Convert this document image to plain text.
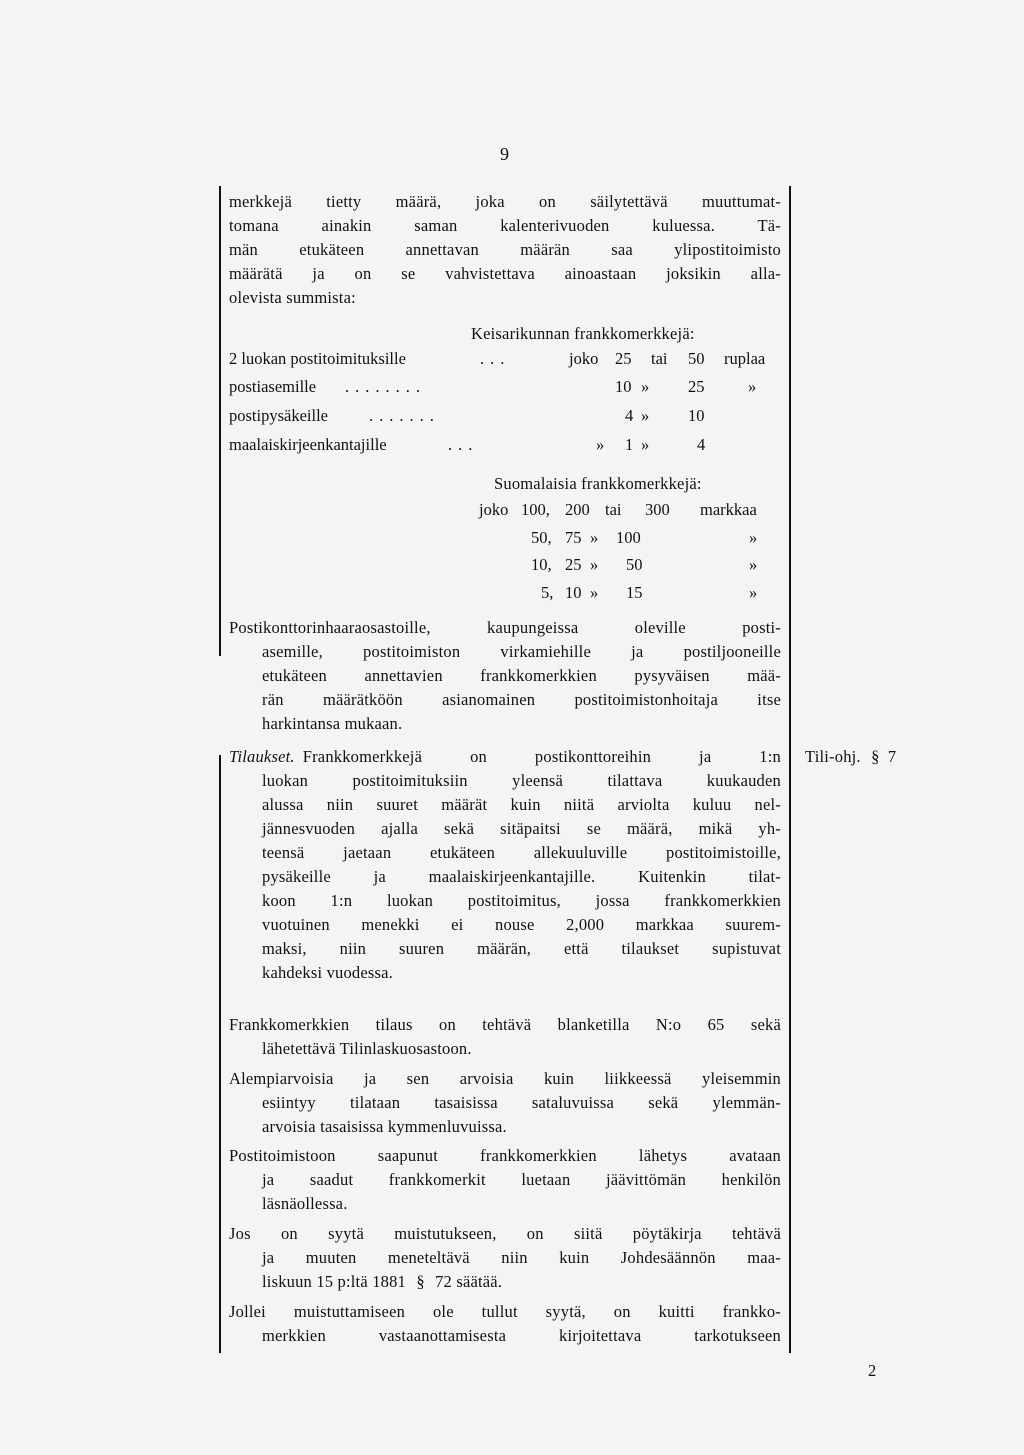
9
merkkejä tietty määrä, joka on säilytettävä muuttumat-
tomana ainakin saman kalenterivuoden kuluessa. Tä-
män etukäteen annettavan määrän saa ylipostitoimisto
määrätä ja on se vahvistettava ainoastaan joksikin alla-
olevista summista:
Keisarikunnan frankkomerkkejä:
2 luokan postitoimituksille	...	joko 25 tai 50 ruplaa
postiasemille ........	10 » 25	»
postipysäkeille .......	4 » 10
maalaiskirjeenkantajille	...	» 1 »	4
Suomalaisia frankkomerkkejä:
joko 100, 200 tai 300 markkaa
50, 75 » 100	»
10, 25 » 50	»
5, 10 » 15	»
Postikonttorinhaaraosastoille, kaupungeissa oleville posti-
asemille, postitoimiston virkamiehille ja postiljooneille
etukäteen annettavien frankkomerkkien pysyväisen mää-
rän määrätköön asianomainen postitoimistonhoitaja itse
harkintansa mukaan.
Tilaukset. Frankkomerkkejä on postikonttoreihin ja 1:n
luokan postitoimituksiin yleensä tilattava kuukauden
alussa niin suuret määrät kuin niitä arviolta kuluu nel-
jännesvuoden ajalla sekä sitäpaitsi se määrä, mikä yh-
teensä jaetaan etukäteen allekuuluville postitoimistoille,
pysäkeille ja maalaiskirjeenkantajille. Kuitenkin tilat-
koon 1:n luokan postitoimitus, jossa frankkomerkkien
vuotuinen menekki ei nouse 2,000 markkaa suurem-
maksi, niin suuren määrän, että tilaukset supistuvat
kahdeksi vuodessa.
Tili-ohj. § 7
Frankkomerkkien tilaus on tehtävä blanketilla N:o 65 sekä
lähetettävä Tilinlaskuosastoon.
Alempiarvoisia ja sen arvoisia kuin liikkeessä yleisemmin
esiintyy tilataan tasaisissa sataluvuissa sekä ylemmän-
arvoisia tasaisissa kymmenluvuissa.
Postitoimistoon saapunut frankkomerkkien lähetys avataan
ja saadut frankkomerkit luetaan jäävittömän henkilön
läsnäollessa.
Jos on syytä muistutukseen, on siitä pöytäkirja tehtävä
ja muuten meneteltävä niin kuin Johdesäännön maa-
liskuun 15 p:ltä 1881 § 72 säätää.
Jollei muistuttamiseen ole tullut syytä, on kuitti frankko-
merkkien vastaanottamisesta kirjoitettava tarkotukseen
2
